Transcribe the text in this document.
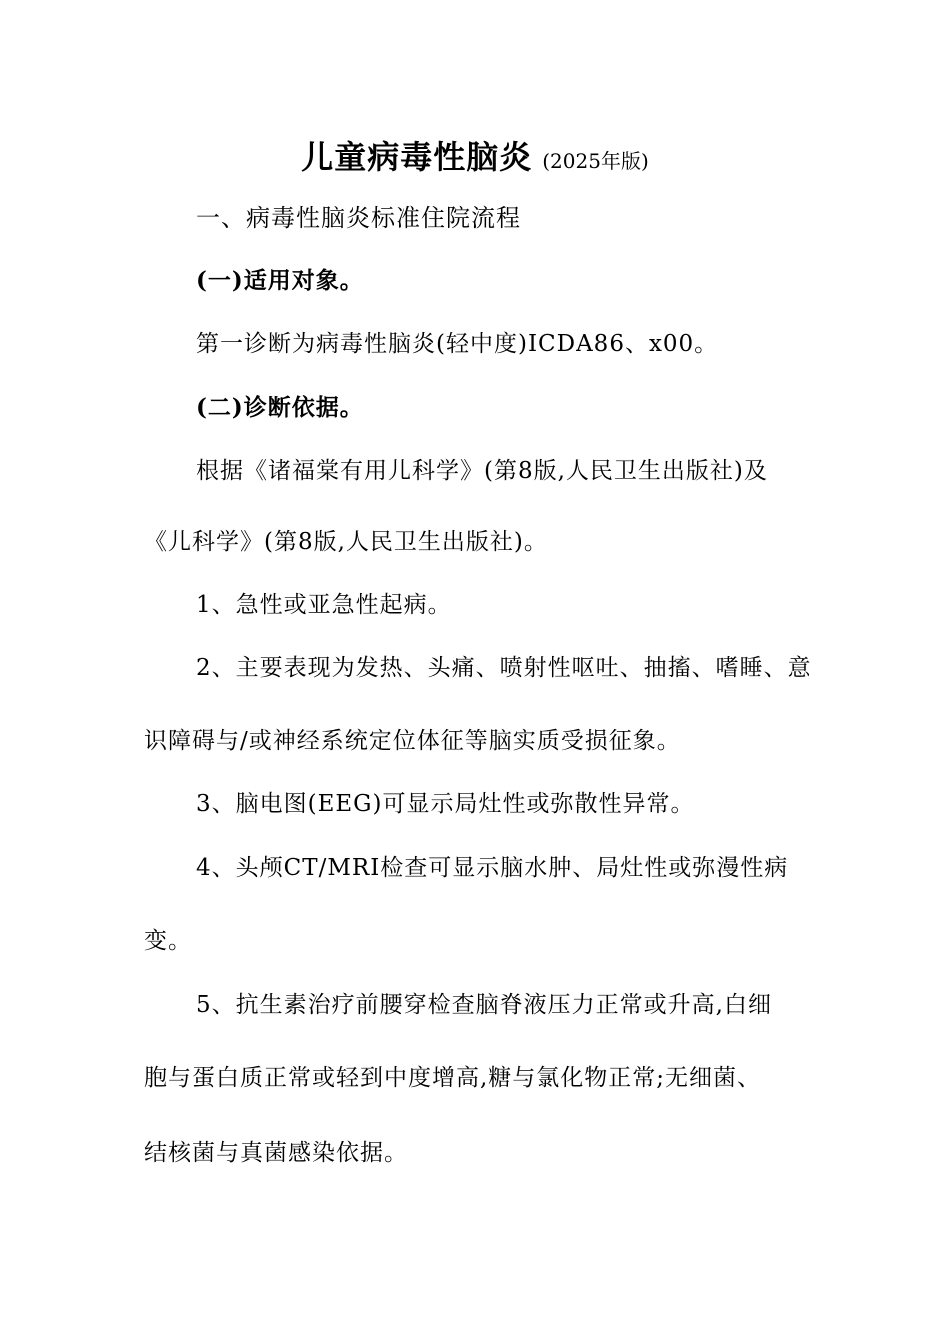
儿童病毒性脑炎 (2025年版)
一、病毒性脑炎标准住院流程
(一)适用对象。
第一诊断为病毒性脑炎(轻中度)ICDA86、x00。
(二)诊断依据。
根据《诸福棠有用儿科学》(第8版,人民卫生出版社)及
《儿科学》(第8版,人民卫生出版社)。
1、急性或亚急性起病。
2、主要表现为发热、头痛、喷射性呕吐、抽搐、嗜睡、意
识障碍与/或神经系统定位体征等脑实质受损征象。
3、脑电图(EEG)可显示局灶性或弥散性异常。
4、头颅CT/MRI检查可显示脑水肿、局灶性或弥漫性病
变。
5、抗生素治疗前腰穿检查脑脊液压力正常或升高,白细
胞与蛋白质正常或轻到中度增高,糖与氯化物正常;无细菌、
结核菌与真菌感染依据。
